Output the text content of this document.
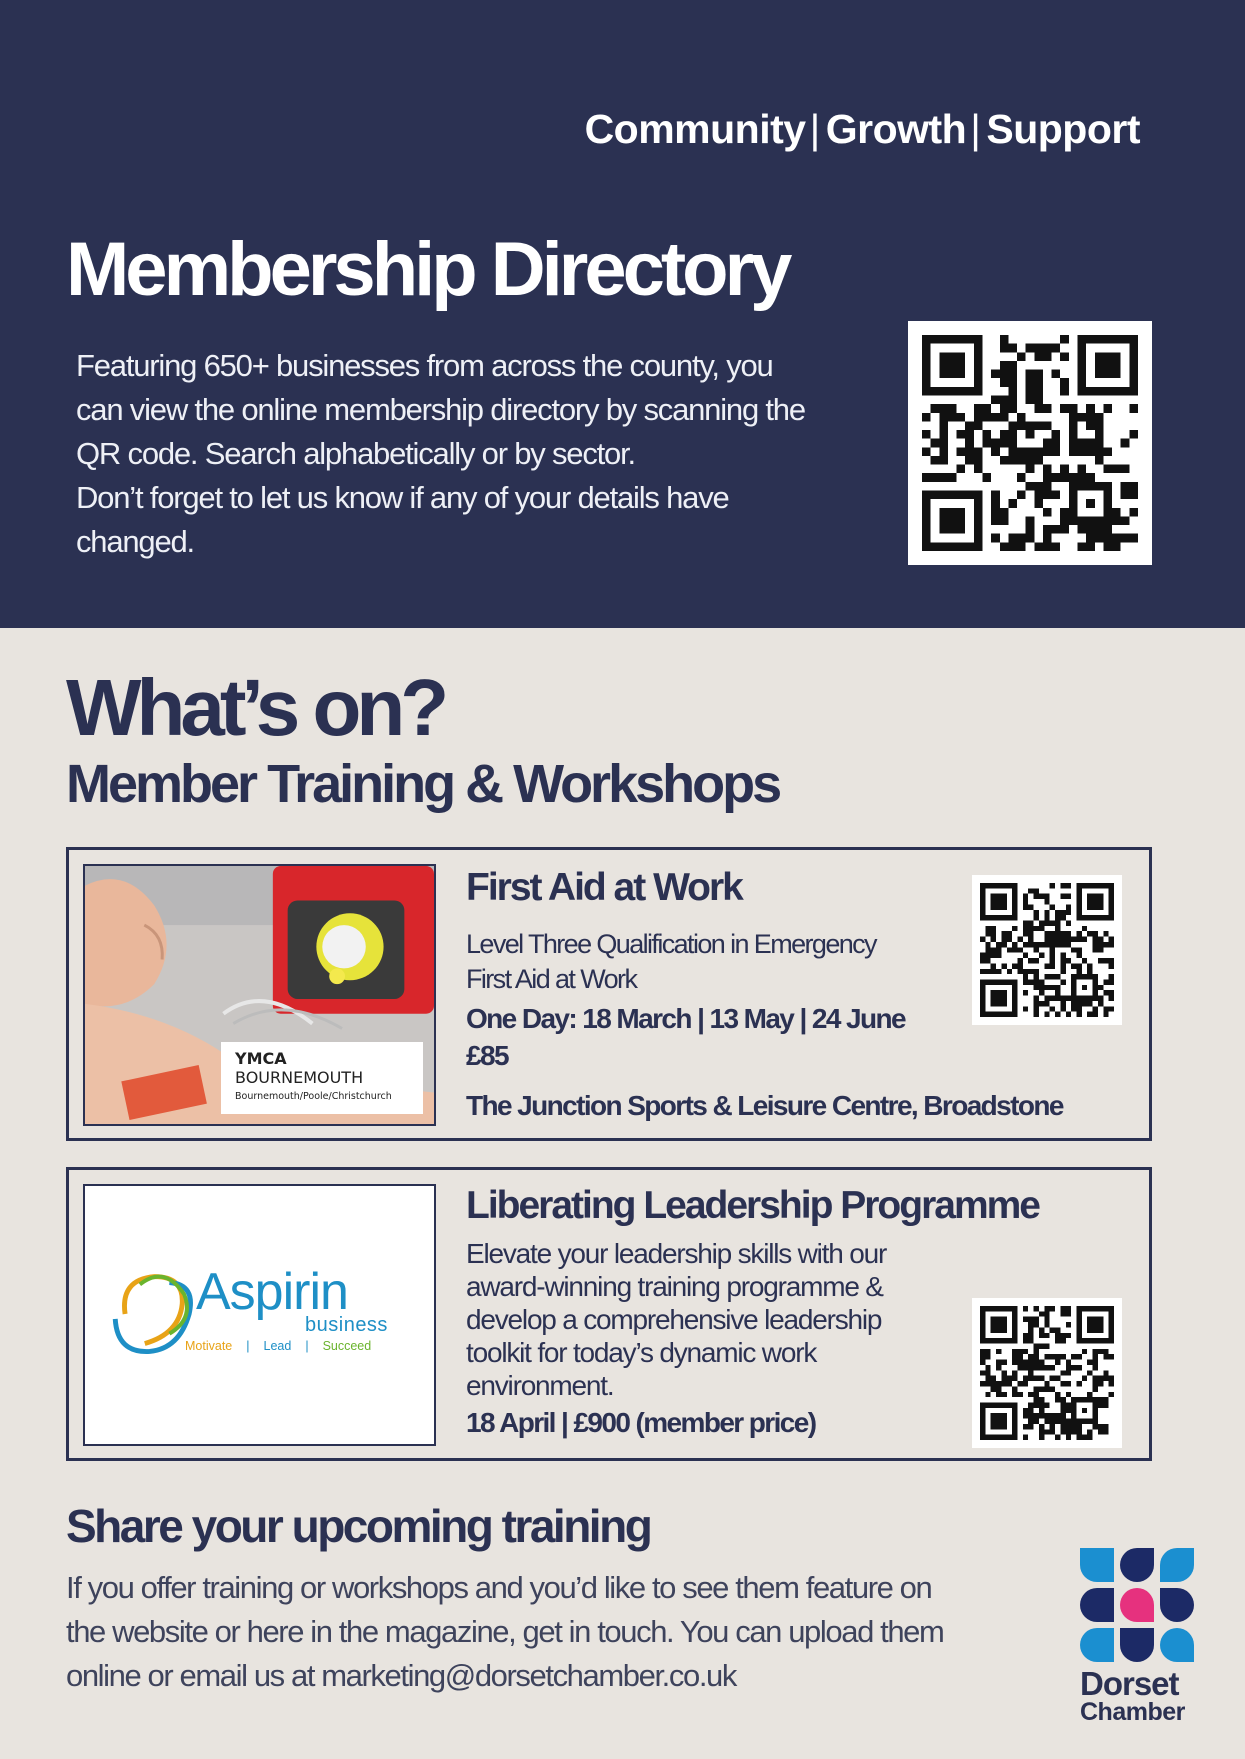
Community| Growth| Support
Membership Directory

Featuring 650+ businesses from across the county, you
can view the online membership directory by scanning the
QR code. Search alphabetically or by sector.
Don’t forget to let us know if any of your details have
changed.

What’s on?
Member Training & Workshops
YMCA
BOURNEMOUTH
Bournemouth/Poole/Christchurch
First Aid at Work

Level Three Qualification in Emergency
First Aid at Work

One Day: 18 March | 13 May | 24 June

£85

The Junction Sports & Leisure Centre, Broadstone

Aspirin
business
Motivate | Lead | Succeed
Liberating Leadership Programme

Elevate your leadership skills with our
award-winning training programme &
develop a comprehensive leadership
toolkit for today’s dynamic work
environment.

18 April | £900 (member price)

Share your upcoming training

If you offer training or workshops and you’d like to see them feature on
the website or here in the magazine, get in touch. You can upload them
online or email us at marketing@dorsetchamber.co.uk	Dorset
Chamber
